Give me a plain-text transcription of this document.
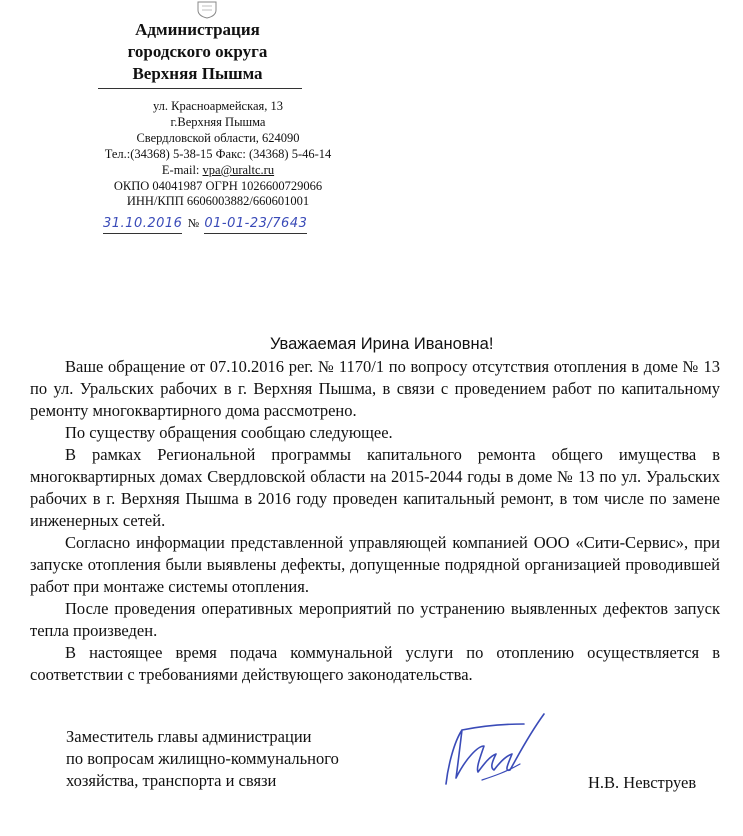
Администрация
городского округа
Верхняя Пышма
ул. Красноармейская, 13
г.Верхняя Пышма
Свердловской области, 624090
Тел.:(34368) 5-38-15 Факс: (34368) 5-46-14
E-mail: vpa@uraltc.ru
ОКПО 04041987 ОГРН 1026600729066
ИНН/КПП 6606003882/660601001
31.10.2016 № 01-01-23/7643
Уважаемая Ирина Ивановна!

Ваше обращение от 07.10.2016 рег. № 1170/1 по вопросу отсутствия отопления в доме № 13 по ул. Уральских рабочих в г. Верхняя Пышма, в связи с проведением работ по капитальному ремонту многоквартирного дома рассмотрено.

По существу обращения сообщаю следующее.

В рамках Региональной программы капитального ремонта общего имущества в многоквартирных домах Свердловской области на 2015-2044 годы в доме № 13 по ул. Уральских рабочих в г. Верхняя Пышма в 2016 году проведен капитальный ремонт, в том числе по замене инженерных сетей.

Согласно информации представленной управляющей компанией ООО «Сити-Сервис», при запуске отопления были выявлены дефекты, допущенные подрядной организацией проводившей работ при монтаже системы отопления.

После проведения оперативных мероприятий по устранению выявленных дефектов запуск тепла произведен.

В настоящее время подача коммунальной услуги по отоплению осуществляется в соответствии с требованиями действующего законодательства.

Заместитель главы администрации
по вопросам жилищно-коммунального
хозяйства, транспорта и связи	Н.В. Невструев
